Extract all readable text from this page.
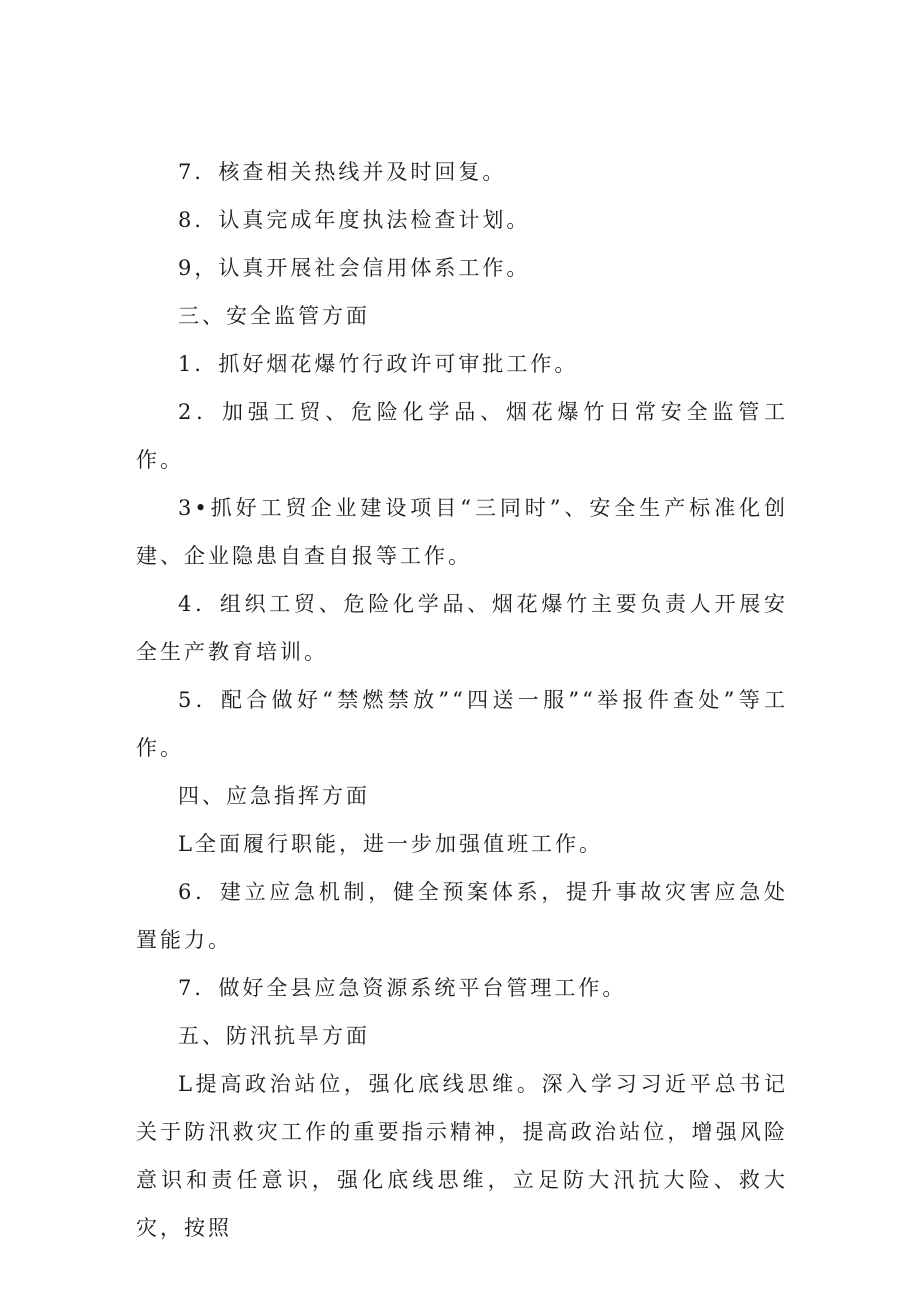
7．核查相关热线并及时回复。

8．认真完成年度执法检查计划。

9，认真开展社会信用体系工作。

三、安全监管方面

1．抓好烟花爆竹行政许可审批工作。

2．加强工贸、危险化学品、烟花爆竹日常安全监管工作。

3•抓好工贸企业建设项目“三同时”、安全生产标准化创建、企业隐患自查自报等工作。

4．组织工贸、危险化学品、烟花爆竹主要负责人开展安全生产教育培训。

5．配合做好“禁燃禁放”“四送一服”“举报件查处”等工作。

四、应急指挥方面

L全面履行职能，进一步加强值班工作。

6．建立应急机制，健全预案体系，提升事故灾害应急处置能力。

7．做好全县应急资源系统平台管理工作。

五、防汛抗旱方面

L提高政治站位，强化底线思维。深入学习习近平总书记关于防汛救灾工作的重要指示精神，提高政治站位，增强风险意识和责任意识，强化底线思维，立足防大汛抗大险、救大灾，按照
